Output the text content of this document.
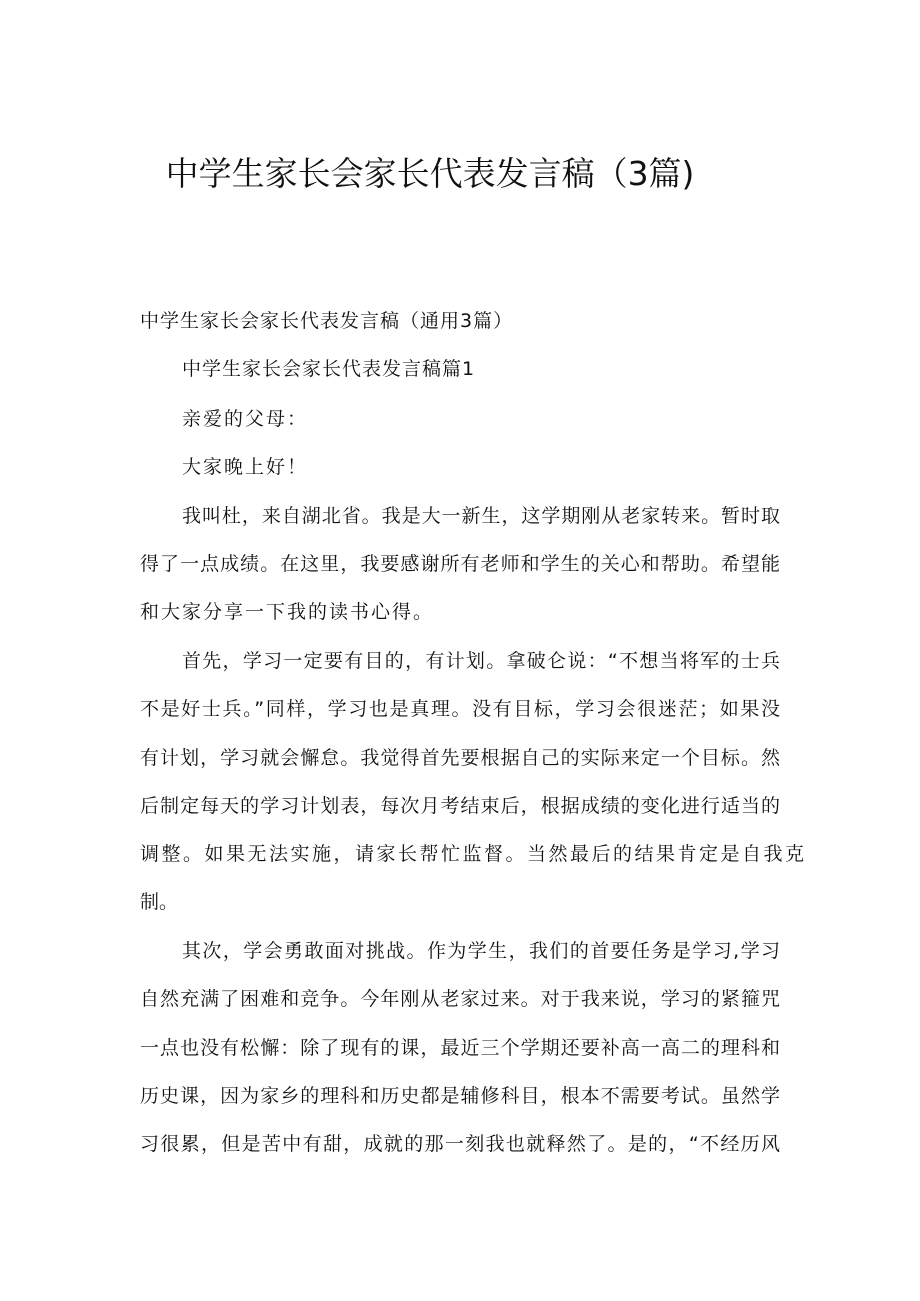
中学生家长会家长代表发言稿（3篇)
中学生家长会家长代表发言稿（通用3篇）
中学生家长会家长代表发言稿篇1
亲爱的父母：
大家晚上好！
我叫杜，来自湖北省。我是大一新生，这学期刚从老家转来。暂时取
得了一点成绩。在这里，我要感谢所有老师和学生的关心和帮助。希望能
和大家分享一下我的读书心得。
首先，学习一定要有目的，有计划。拿破仑说：“不想当将军的士兵
不是好士兵。”同样，学习也是真理。没有目标，学习会很迷茫；如果没
有计划，学习就会懈怠。我觉得首先要根据自己的实际来定一个目标。然
后制定每天的学习计划表，每次月考结束后，根据成绩的变化进行适当的
调整。如果无法实施，请家长帮忙监督。当然最后的结果肯定是自我克
制。
其次，学会勇敢面对挑战。作为学生，我们的首要任务是学习,学习
自然充满了困难和竞争。今年刚从老家过来。对于我来说，学习的紧箍咒
一点也没有松懈：除了现有的课，最近三个学期还要补高一高二的理科和
历史课，因为家乡的理科和历史都是辅修科目，根本不需要考试。虽然学
习很累，但是苦中有甜，成就的那一刻我也就释然了。是的，“不经历风
